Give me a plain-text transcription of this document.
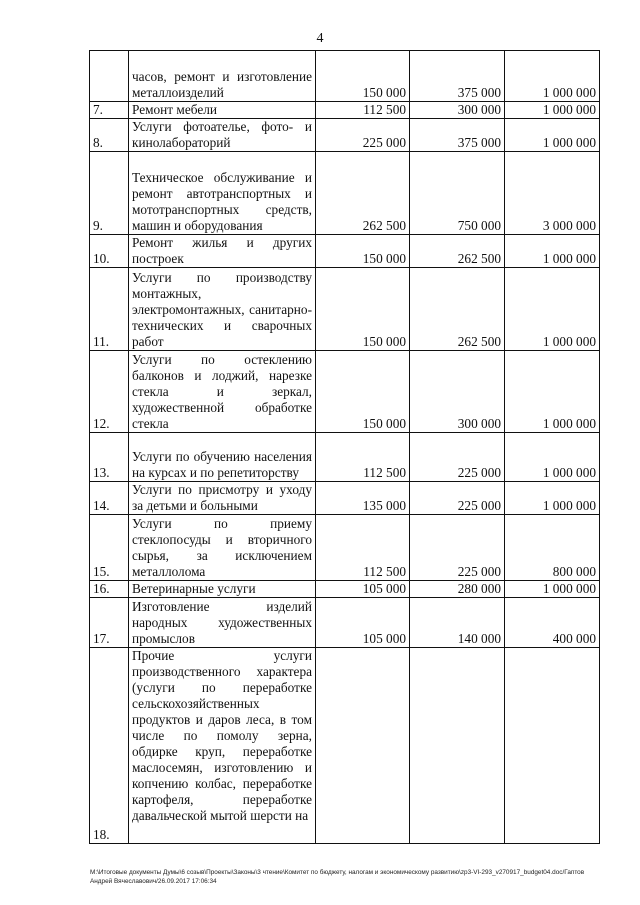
4
	часов, ремонт и изготовление металлоизделий	150 000	375 000	1 000 000
7.	Ремонт мебели	112 500	300 000	1 000 000
8.	Услуги фотоателье, фото- и кинолабораторий	225 000	375 000	1 000 000
9.	Техническое обслуживание и ремонт автотранспортных и мототранспортных средств, машин и оборудования	262 500	750 000	3 000 000
10.	Ремонт жилья и других построек	150 000	262 500	1 000 000
11.	Услуги по производству монтажных, электромонтажных, санитарно-технических и сварочных работ	150 000	262 500	1 000 000
12.	Услуги по остеклению балконов и лоджий, нарезке стекла и зеркал, художественной обработке стекла	150 000	300 000	1 000 000
13.	Услуги по обучению населения на курсах и по репетиторству	112 500	225 000	1 000 000
14.	Услуги по присмотру и уходу за детьми и больными	135 000	225 000	1 000 000
15.	Услуги по приему стеклопосуды и вторичного сырья, за исключением металлолома	112 500	225 000	800 000
16.	Ветеринарные услуги	105 000	280 000	1 000 000
17.	Изготовление изделий народных художественных промыслов	105 000	140 000	400 000
18.	Прочие услуги производственного характера (услуги по переработке сельскохозяйственных продуктов и даров леса, в том числе по помолу зерна, обдирке круп, переработке маслосемян, изготовлению и копчению колбас, переработке картофеля, переработке давальческой мытой шерсти на			
M:\Итоговые документы Думы\6 созыв\Проекты\Законы\3 чтение\Комитет по бюджету, налогам и экономическому развитию\zp3-VI-293_v270917_budget04.doc/Гаптов Андрей Вячеславович/26.09.2017 17:06:34
